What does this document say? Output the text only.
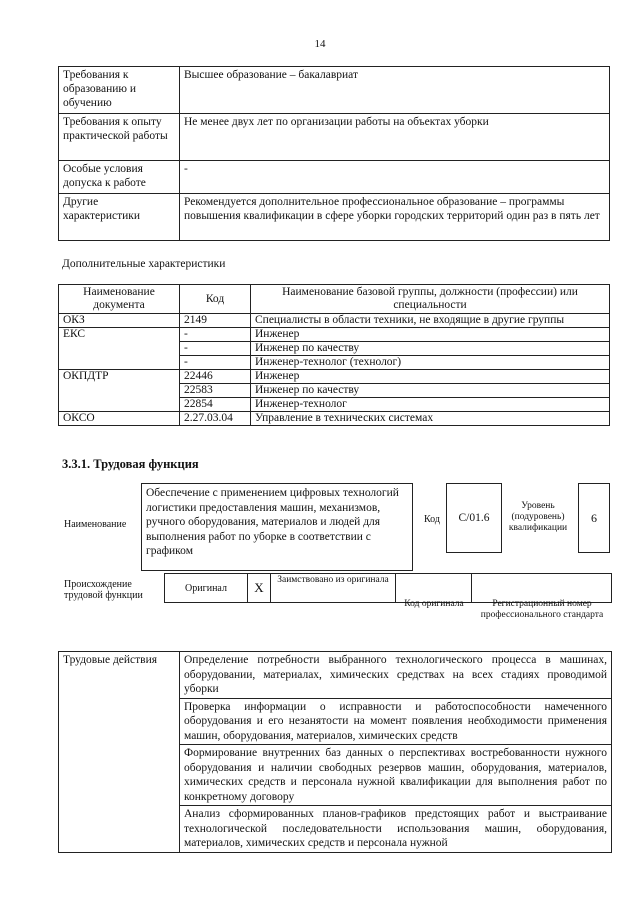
14
Требования к образованию и обучению	Высшее образование – бакалавриат
Требования к опыту практической работы	Не менее двух лет по организации работы на объектах уборки
Особые условия допуска к работе	-
Другие характеристики	Рекомендуется дополнительное профессиональное образование – программы повышения квалификации в сфере уборки городских территорий один раз в пять лет
Дополнительные характеристики
Наименование документа	Код	Наименование базовой группы, должности (профессии) или специальности
ОКЗ	2149	Специалисты в области техники, не входящие в другие группы
ЕКС	-	Инженер
	-	Инженер по качеству
	-	Инженер-технолог (технолог)
ОКПДТР	22446	Инженер
	22583	Инженер по качеству
	22854	Инженер-технолог
ОКСО	2.27.03.04	Управление в технических системах
3.3.1. Трудовая функция
Наименование
Обеспечение с применением цифровых технологий логистики предоставления машин, механизмов, ручного оборудования, материалов и людей для выполнения работ по уборке в соответствии с графиком
Код	С/01.6
Уровень (подуровень) квалификации
6
Происхождение трудовой функции
Оригинал	X	Заимствовано из оригинала
Код оригинала	Регистрационный номер профессионального стандарта
Трудовые действия	Определение потребности выбранного технологического процесса в машинах, оборудовании, материалах, химических средствах на всех стадиях проводимой уборки
Проверка информации о исправности и работоспособности намеченного оборудования и его незанятости на момент появления необходимости применения машин, оборудования, материалов, химических средств
Формирование внутренних баз данных о перспективах востребованности нужного оборудования и наличии свободных резервов машин, оборудования, материалов, химических средств и персонала нужной квалификации для выполнения работ по конкретному договору

Анализ сформированных планов-графиков предстоящих работ и выстраивание технологической последовательности использования машин, оборудования, материалов, химических средств и персонала нужной
